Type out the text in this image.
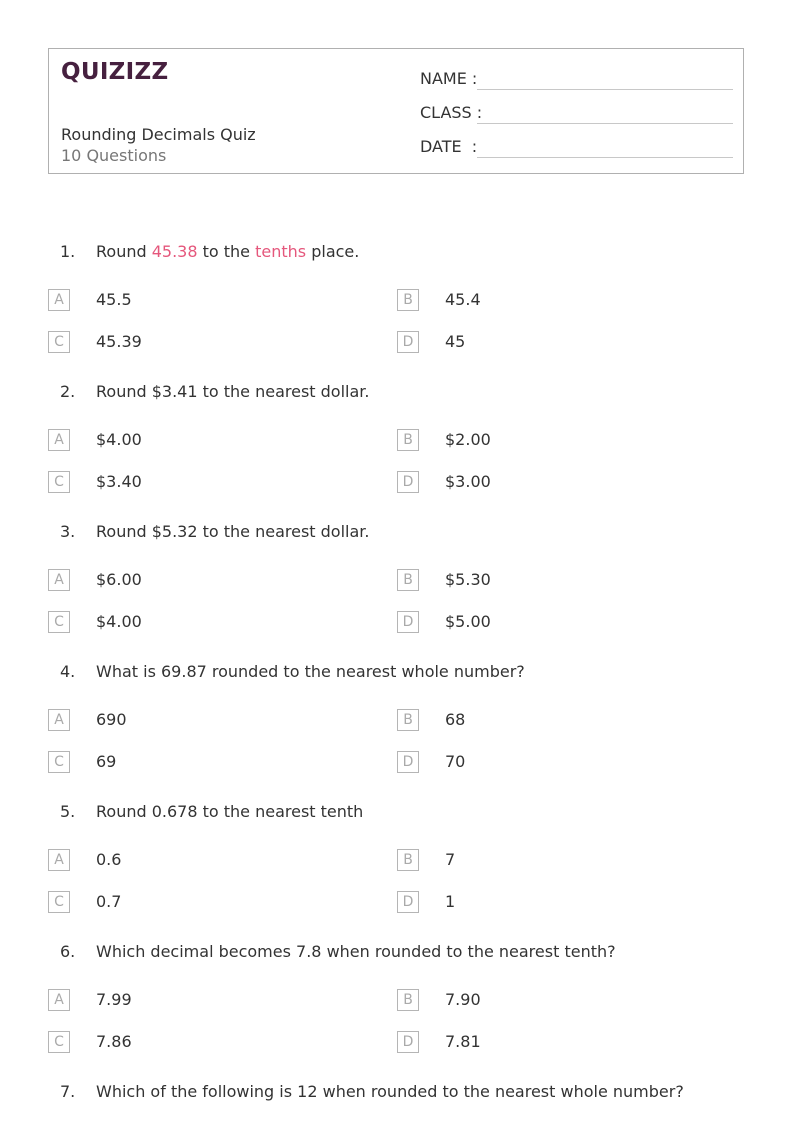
QUIZIZZ
Rounding Decimals Quiz
10 Questions
NAME :
CLASS :
DATE  :
1. Round 45.38 to the tenths place.
A	45.5	B	45.4
C	45.39	D	45
2. Round $3.41 to the nearest dollar.
A	$4.00	B	$2.00
C	$3.40	D	$3.00
3. Round $5.32 to the nearest dollar.
A	$6.00	B	$5.30
C	$4.00	D	$5.00
4. What is 69.87 rounded to the nearest whole number?
A	690	B	68
C	69	D	70
5. Round 0.678 to the nearest tenth
A	0.6	B	7
C	0.7	D	1
6. Which decimal becomes 7.8 when rounded to the nearest tenth?
A	7.99	B	7.90
C	7.86	D	7.81
7. Which of the following is 12 when rounded to the nearest whole number?
